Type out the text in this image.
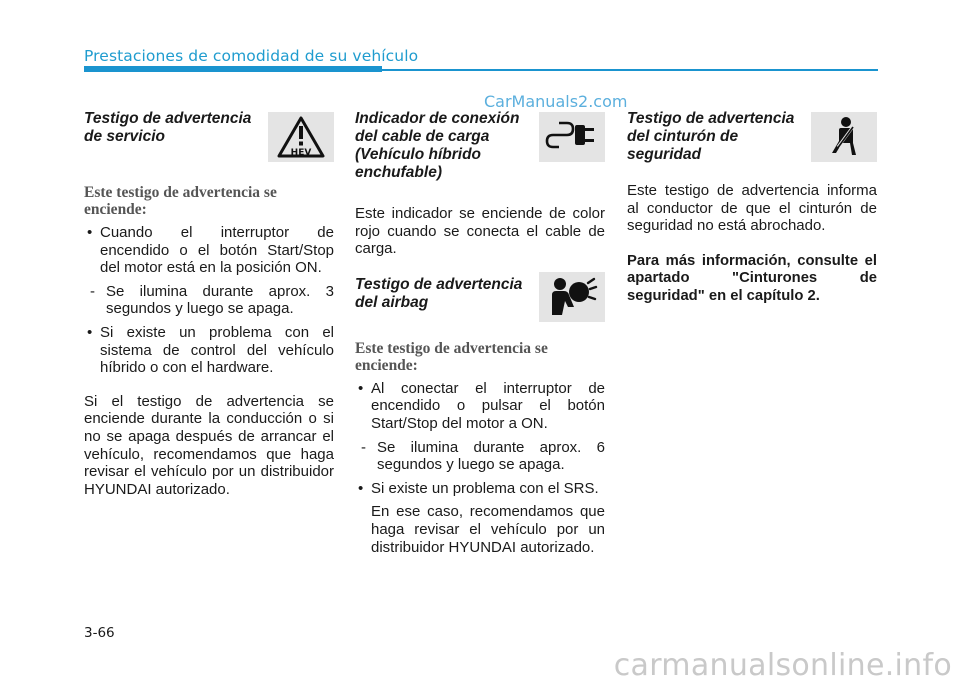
Prestaciones de comodidad de su vehículo
CarManuals2.com
Testigo de advertencia
de servicio
HEV
Este testigo de advertencia se
enciende:
• Cuando el interruptor de
encendido o el botón Start/Stop
del motor está en la posición ON.
- Se ilumina durante aprox. 3
segundos y luego se apaga.
• Si existe un problema con el
sistema de control del vehículo
híbrido o con el hardware.
Si el testigo de advertencia se
enciende durante la conducción o si
no se apaga después de arrancar el
vehículo, recomendamos que haga
revisar el vehículo por un distribuidor
HYUNDAI autorizado.
Indicador de conexión
del cable de carga
(Vehículo híbrido
enchufable)
Este indicador se enciende de color
rojo cuando se conecta el cable de
carga.
Testigo de advertencia
del airbag
Este testigo de advertencia se
enciende:
• Al conectar el interruptor de
encendido o pulsar el botón
Start/Stop del motor a ON.
- Se ilumina durante aprox. 6
segundos y luego se apaga.
• Si existe un problema con el SRS.
En ese caso, recomendamos que
haga revisar el vehículo por un
distribuidor HYUNDAI autorizado.
Testigo de advertencia
del cinturón de
seguridad
Este testigo de advertencia informa
al conductor de que el cinturón de
seguridad no está abrochado.
Para más información, consulte el
apartado "Cinturones de
seguridad" en el capítulo 2.
3-66
carmanualsonline.info
